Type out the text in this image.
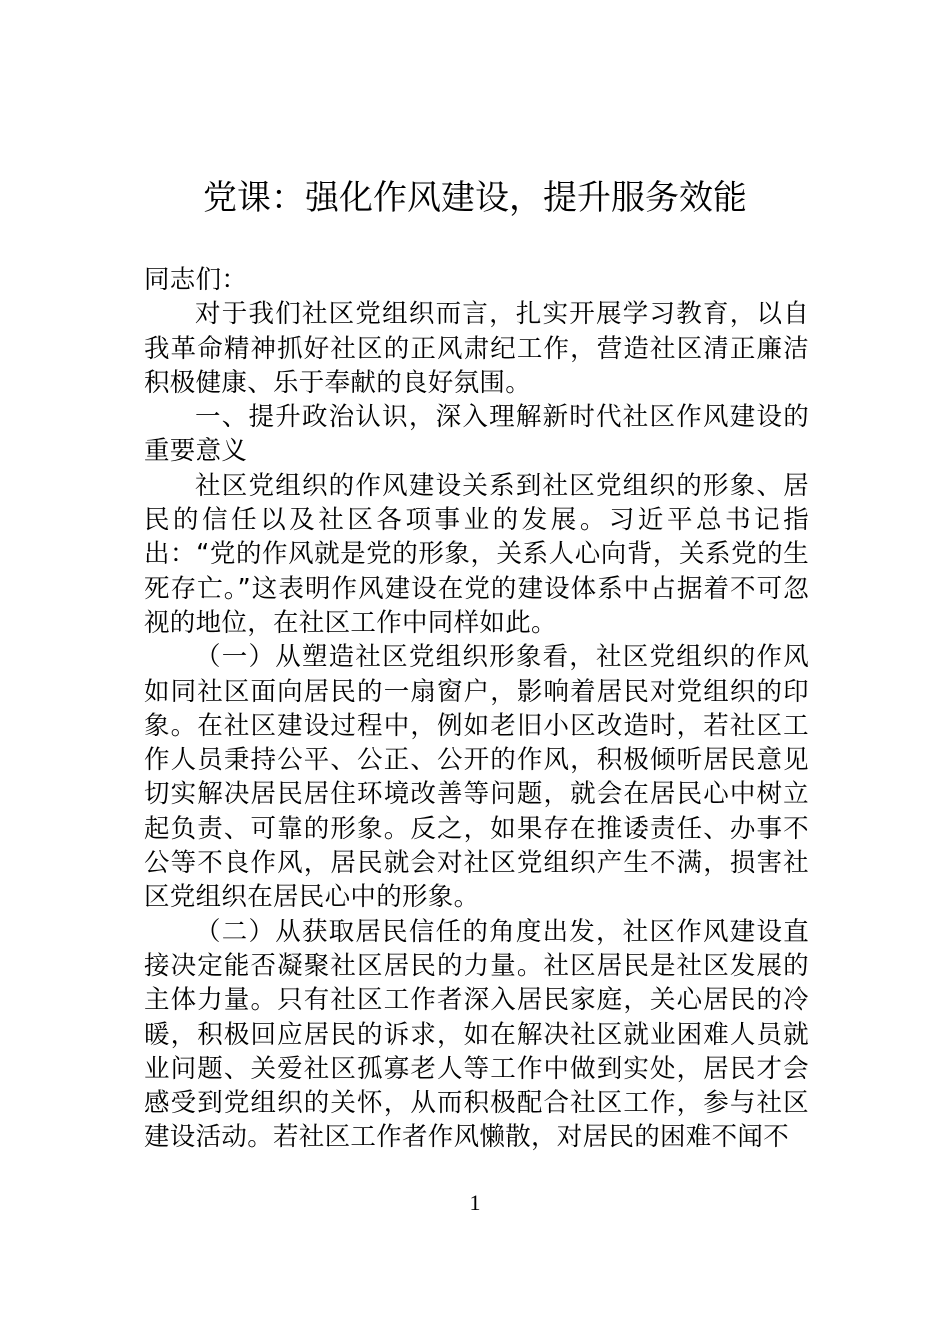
党课：强化作风建设，提升服务效能

同志们：

对于我们社区党组织而言，扎实开展学习教育，以自我革命精神抓好社区的正风肃纪工作，营造社区清正廉洁积极健康、乐于奉献的良好氛围。

一、提升政治认识，深入理解新时代社区作风建设的重要意义

社区党组织的作风建设关系到社区党组织的形象、居民的信任以及社区各项事业的发展。习近平总书记指出：“党的作风就是党的形象，关系人心向背，关系党的生死存亡。”这表明作风建设在党的建设体系中占据着不可忽视的地位，在社区工作中同样如此。

（一）从塑造社区党组织形象看，社区党组织的作风如同社区面向居民的一扇窗户，影响着居民对党组织的印象。在社区建设过程中，例如老旧小区改造时，若社区工作人员秉持公平、公正、公开的作风，积极倾听居民意见切实解决居民居住环境改善等问题，就会在居民心中树立起负责、可靠的形象。反之，如果存在推诿责任、办事不公等不良作风，居民就会对社区党组织产生不满，损害社区党组织在居民心中的形象。

（二）从获取居民信任的角度出发，社区作风建设直接决定能否凝聚社区居民的力量。社区居民是社区发展的主体力量。只有社区工作者深入居民家庭，关心居民的冷暖，积极回应居民的诉求，如在解决社区就业困难人员就业问题、关爱社区孤寡老人等工作中做到实处，居民才会感受到党组织的关怀，从而积极配合社区工作，参与社区建设活动。若社区工作者作风懒散，对居民的困难不闻不

1
